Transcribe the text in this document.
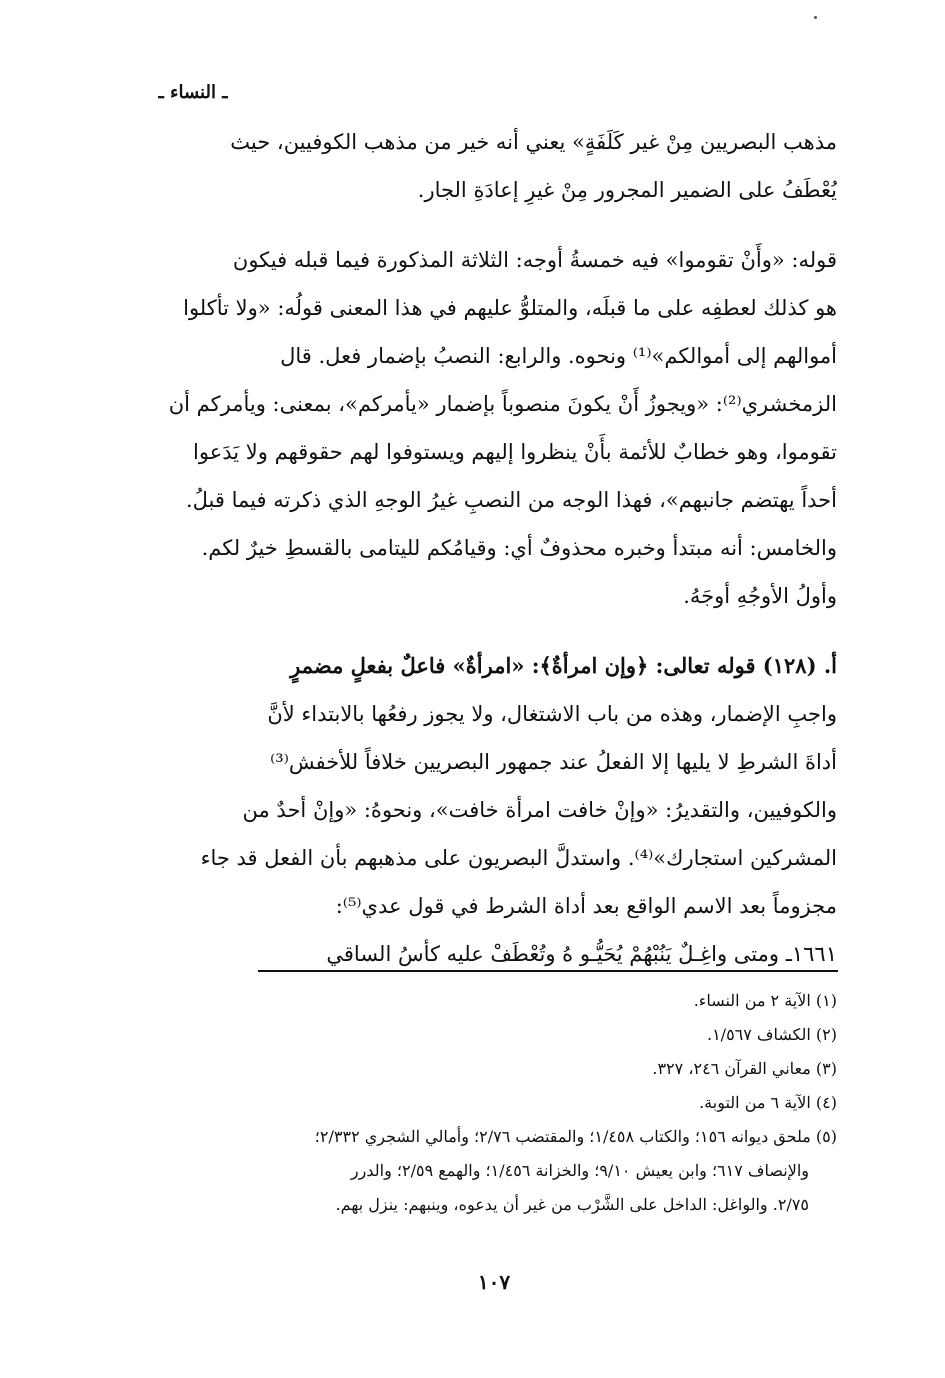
ـ النساء ـ

مذهب البصريين مِنْ غير كَلَفَةٍ» يعني أنه خير من مذهب الكوفيين، حيث

يُعْطَفُ على الضمير المجرور مِنْ غيرِ إعادَةِ الجار.

قوله: «وأَنْ تقوموا» فيه خمسةُ أوجه: الثلاثة المذكورة فيما قبله فيكون

هو كذلك لعطفِه على ما قبلَه، والمتلوُّ عليهم في هذا المعنى قولُه: «ولا تأكلوا

أموالهم إلى أموالكم»⁽¹⁾ ونحوه. والرابع: النصبُ بإضمار فعل. قال

الزمخشري⁽²⁾: «ويجوزُ أَنْ يكونَ منصوباً بإضمار «يأمركم»، بمعنى: ويأمركم أن

تقوموا، وهو خطابٌ للأئمة بأَنْ ينظروا إليهم ويستوفوا لهم حقوقهم ولا يَدَعوا

أحداً يهتضم جانبهم»، فهذا الوجه من النصبِ غيرُ الوجهِ الذي ذكرته فيما قبلُ.

والخامس: أنه مبتدأ وخبره محذوفٌ أي: وقيامُكم لليتامى بالقسطِ خيرٌ لكم.

وأولُ الأوجُهِ أوجَهُ.

أ. (١٢٨) قوله تعالى: ﴿وإن امرأةٌ﴾: «امرأةٌ» فاعلٌ بفعلٍ مضمرٍ

واجبِ الإضمار، وهذه من باب الاشتغال، ولا يجوز رفعُها بالابتداء لأنَّ

أداةَ الشرطِ لا يليها إلا الفعلُ عند جمهور البصريين خلافاً للأخفش⁽³⁾

والكوفيين، والتقديرُ: «وإنْ خافت امرأة خافت»، ونحوهُ: «وإنْ أحدٌ من

المشركين استجارك»⁽⁴⁾. واستدلَّ البصريون على مذهبهم بأن الفعل قد جاء

مجزوماً بعد الاسم الواقع بعد أداة الشرط في قول عدي⁽⁵⁾:

١٦٦١ـ ومتى واغِـلٌ يَنُبْهُمْ يُحَيُّـو هُ وتُعْطَفْ عليه كأسُ الساقي

(١) الآية ٢ من النساء.
(٢) الكشاف ١/٥٦٧.
(٣) معاني القرآن ٢٤٦، ٣٢٧.
(٤) الآية ٦ من التوبة.
(٥) ملحق ديوانه ١٥٦؛ والكتاب ١/٤٥٨؛ والمقتضب ٢/٧٦؛ وأمالي الشجري ٢/٣٣٢؛
والإنصاف ٦١٧؛ وابن يعيش ٩/١٠؛ والخزانة ١/٤٥٦؛ والهمع ٢/٥٩؛ والدرر
٢/٧٥. والواغل: الداخل على الشَّرْب من غير أن يدعوه، وينبهم: ينزل بهم.
١٠٧
